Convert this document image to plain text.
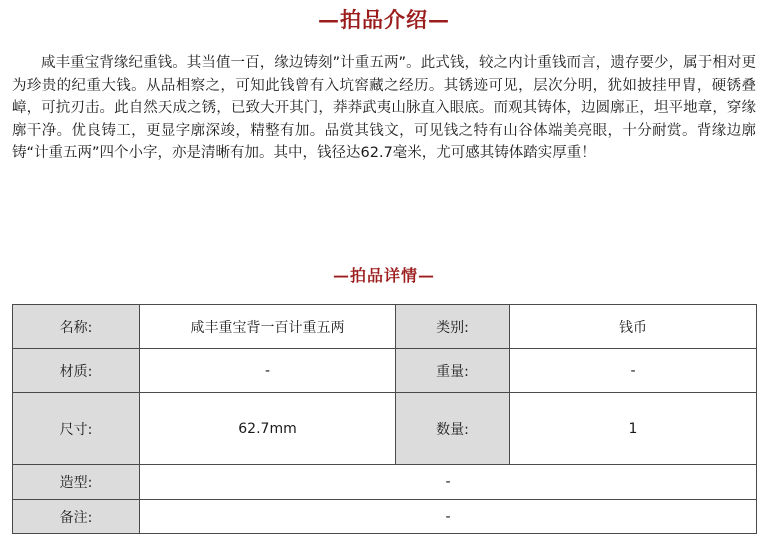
—拍品介绍—

咸丰重宝背缘纪重钱。其当值一百，缘边铸刻”计重五两”。此式钱，较之内计重钱而言，遗存要少，属于相对更为珍贵的纪重大钱。从品相察之，可知此钱曾有入坑窖藏之经历。其锈迹可见，层次分明，犹如披挂甲胄，硬锈叠嶂，可抗刃击。此自然天成之锈，已致大开其门，莽莽武夷山脉直入眼底。而观其铸体，边圆廓正，坦平地章，穿缘廓干净。优良铸工，更显字廓深竣，精整有加。品赏其钱文，可见钱之特有山谷体端美亮眼，十分耐赏。背缘边廓铸“计重五两”四个小字，亦是清晰有加。其中，钱径达62.7毫米，尤可感其铸体踏实厚重！

—拍品详情—
名称:	咸丰重宝背一百计重五两	类别:	钱币
材质:	-	重量:	-
尺寸:	62.7mm	数量:	1
造型:	-		
备注:	-		
